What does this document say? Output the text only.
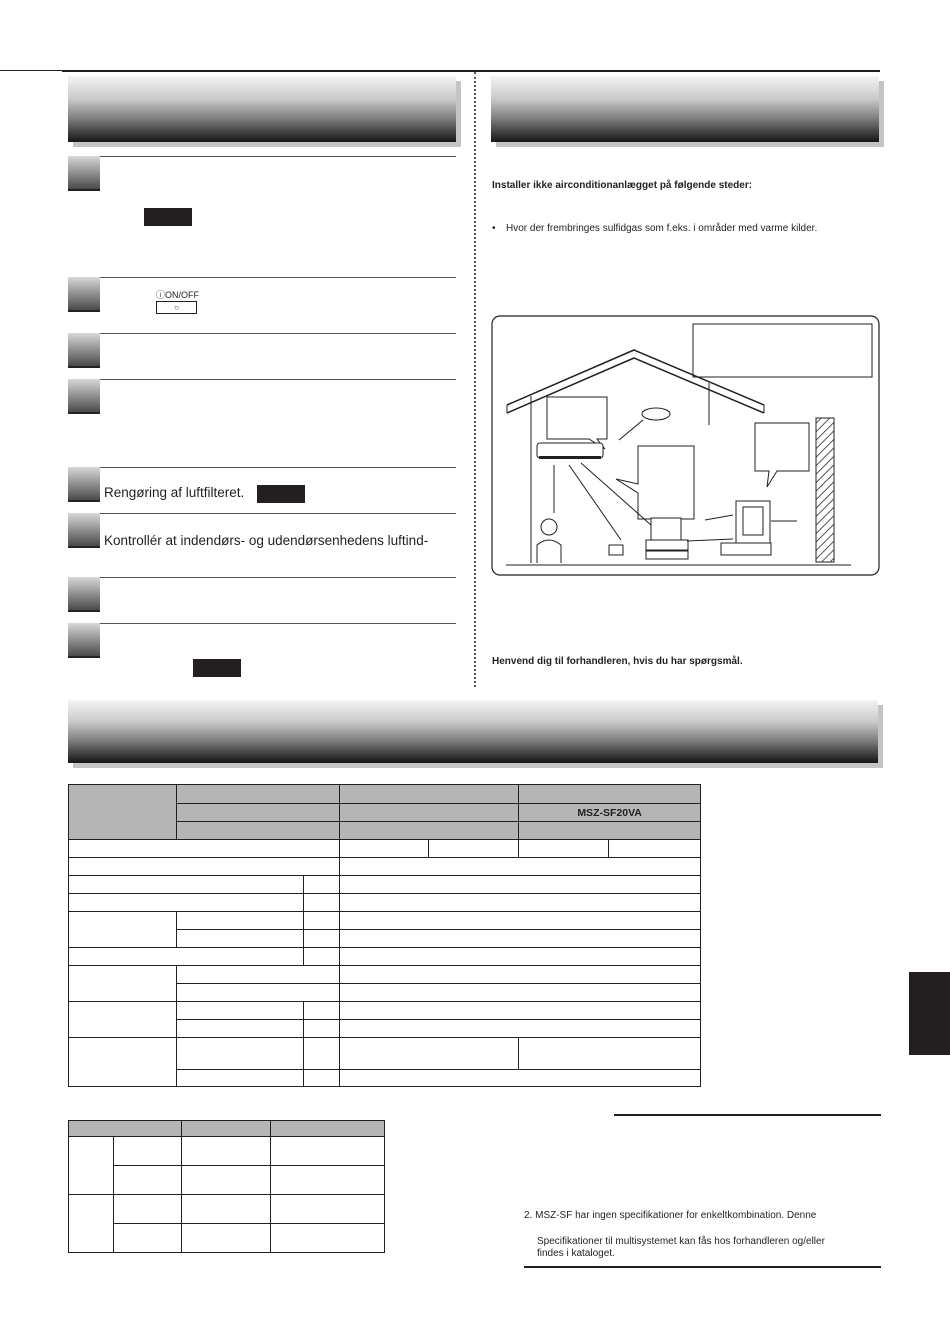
ⓘON/OFF
○
Rengøring af luftfilteret.
Kontrollér at indendørs- og udendørsenhedens luftind-
Installer ikke airconditionanlægget på følgende steder:
• Hvor der frembringes sulfidgas som f.eks. i områder med varme kilder.
Henvend dig til forhandleren, hvis du har spørgsmål.

					MSZ-SF20VA	

2. MSZ-SF har ingen specifikationer for enkeltkombination. Denne
Specifikationer til multisystemet kan fås hos forhandleren og/eller
findes i kataloget.
